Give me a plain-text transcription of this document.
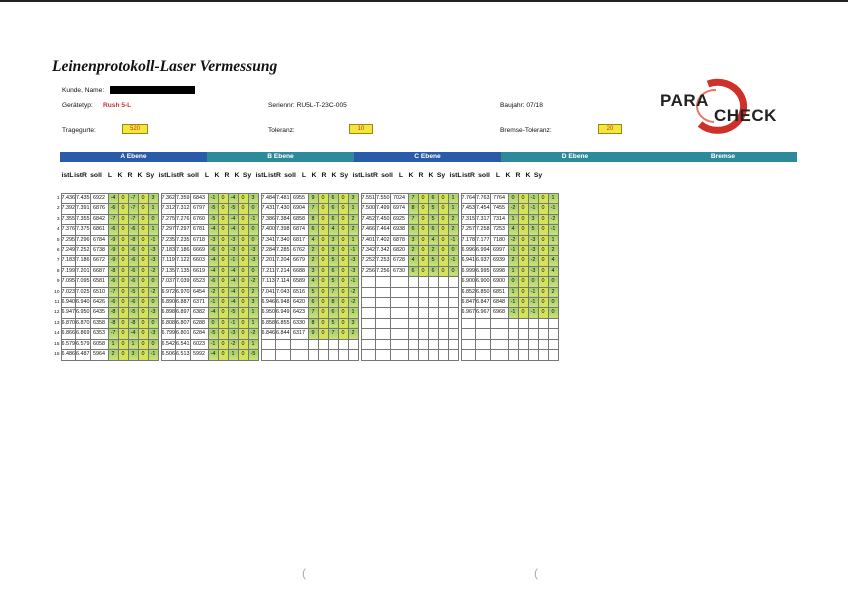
Leinenprotokoll-Laser Vermessung
Kunde, Name:
Gerätetyp: Rush 5-L	Seriennr: RU5L-T-23C-005	Baujahr: 07/18
Tragegurte:	520	Toleranz:	10	Bremse-Toleranz:	20
PARA
CHECK
A Ebene	B Ebene	C Ebene	D Ebene	Bremse
istL istR soll L K R K Sy istL istR soll L K R K Sy istL istR soll L K R K Sy istL istR soll L K R K Sy istL istR soll L K R K Sy
1	7.436	7.435	6922	-4	0	-7	0	3		7.362	7.359	6843	-1	0	-4	0	3		7.484	7.481	6955	9	0	6	0	3		7.551	7.550	7024	7	0	6	0	1		7.764	7.763	7764	0	0	-1	0	1
2	7.392	7.391	6876	-6	0	-7	0	1		7.312	7.312	6797	-5	0	-5	0	0		7.431	7.430	6904	7	0	6	0	1		7.500	7.499	6974	8	0	5	0	1		7.453	7.454	7455	-2	0	-1	0	-1
3	7.355	7.355	6842	-7	0	-7	0	0		7.275	7.276	6760	-5	0	-4	0	-1		7.386	7.384	6858	8	0	6	0	2		7.452	7.450	6925	7	0	5	0	2		7.315	7.317	7314	1	0	3	0	-2
4	7.376	7.375	6861	-6	0	-6	0	1		7.297	7.297	6781	-4	0	-4	0	0		7.400	7.398	6874	6	0	4	0	2		7.466	7.464	6938	6	0	6	0	2		7.257	7.258	7253	4	0	5	0	-1
5	7.295	7.296	6784	-9	0	-8	0	-1		7.235	7.235	6718	-3	0	-3	0	0		7.341	7.340	6817	4	0	3	0	1		7.401	7.402	6878	3	0	4	0	-1		7.178	7.177	7180	-2	0	-3	0	1
6	7.249	7.252	6738	-9	0	-6	0	-3		7.183	7.186	6669	-6	0	-3	0	-3		7.284	7.285	6762	2	0	3	0	-1		7.342	7.342	6820	2	0	2	0	0		6.996	6.994	6997	-1	0	-3	0	2
7	7.183	7.186	6672	-9	0	-6	0	-3		7.119	7.122	6603	-4	0	-1	0	-3		7.201	7.204	6679	2	0	5	0	-3		7.252	7.253	6728	4	0	5	0	-1		6.941	6.937	6939	2	0	-2	0	4
8	7.199	7.201	6687	-8	0	-6	0	-2		7.135	7.135	6619	-4	0	-4	0	0		7.211	7.214	6688	3	0	6	0	-3		7.256	7.256	6730	6	0	6	0	0		6.999	6.995	6998	1	0	-3	0	4
9	7.095	7.095	6581	-6	0	-6	0	0		7.037	7.039	6523	-6	0	-4	0	-2		7.113	7.114	6589	4	0	5	0	-1											6.900	6.900	6900	0	0	0	0	0
10	7.023	7.025	6510	-7	0	-5	0	-2		6.972	6.970	6454	-2	0	-4	0	2		7.041	7.043	6516	5	0	7	0	-2											6.852	6.850	6851	1	0	-1	0	2
11	6.940	6.940	6426	-6	0	-6	0	0		6.890	6.887	6371	-1	0	-4	0	3		6.946	6.948	6420	6	0	8	0	-2											6.847	6.847	6848	-1	0	-1	0	0
12	6.947	6.950	6435	-8	0	-5	0	-3		6.898	6.897	6382	-4	0	-5	0	1		6.950	6.949	6423	7	0	6	0	1											6.967	6.967	6968	-1	0	-1	0	0
13	6.870	6.870	6358	-8	0	-8	0	0		6.808	6.807	6288	0	0	-1	0	1		6.858	6.855	6330	8	0	5	0	3																		
14	6.866	6.869	6353	-7	0	-4	0	-3		6.799	6.801	6284	-5	0	-3	0	-2		6.846	6.844	6317	9	0	7	0	2																		
15	6.579	6.579	6058	1	0	1	0	0		6.542	6.541	6023	-1	0	-2	0	1																											
15	6.486	6.487	5964	2	0	3	0	-1		6.506	6.513	5992	-4	0	1	0	-5																											
(	(
